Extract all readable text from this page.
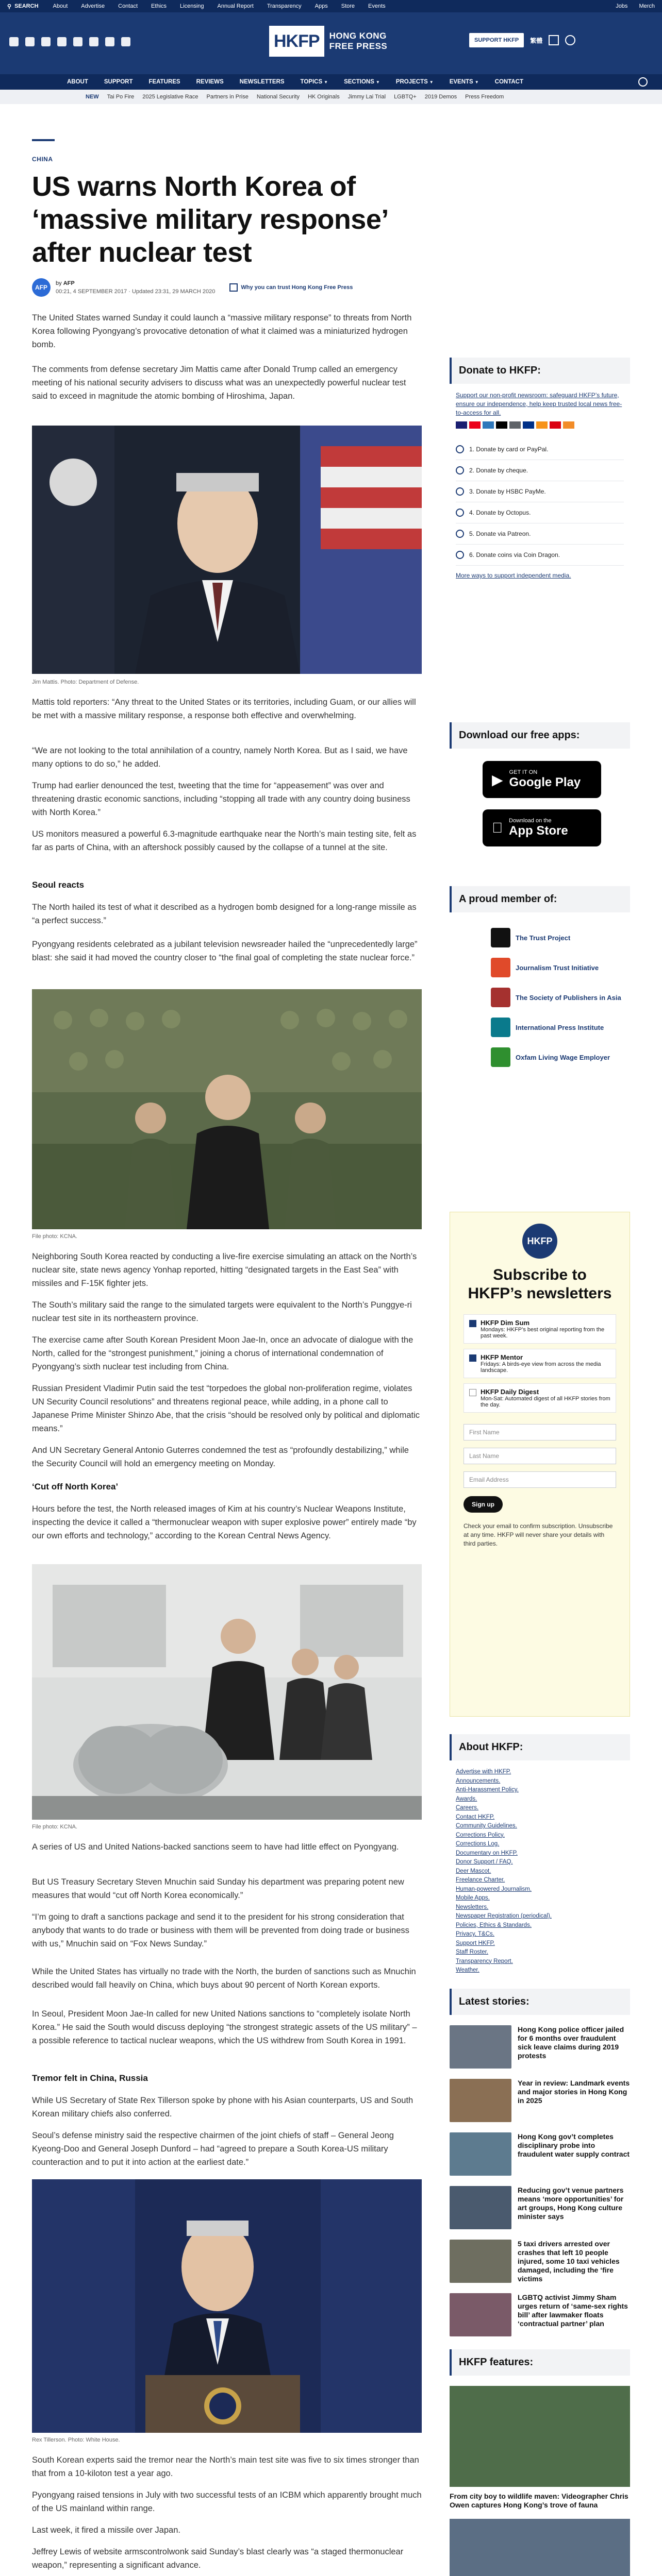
⚲ SEARCH	About Advertise Contact Ethics Licensing Annual Report Transparency Apps Store Events	Jobs Merch
HKFP	HONG KONG
FREE PRESS
SUPPORT HKFP	繁體
ABOUT	SUPPORT	FEATURES	REVIEWS	NEWSLETTERS	TOPICS ▼	SECTIONS ▼	PROJECTS ▼	EVENTS ▼	CONTACT
NEW Tai Po Fire 2025 Legislative Race Partners in Prise National Security HK Originals Jimmy Lai Trial LGBTQ+ 2019 Demos Press Freedom
CHINA
US warns North Korea of ‘massive military response’ after nuclear test
AFP
by AFP
00:21, 4 SEPTEMBER 2017 · Updated 23:31, 29 MARCH 2020
Why you can trust Hong Kong Free Press

The United States warned Sunday it could launch a “massive military response” to threats from North Korea following Pyongyang’s provocative detonation of what it claimed was a miniaturized hydrogen bomb.

The comments from defense secretary Jim Mattis came after Donald Trump called an emergency meeting of his national security advisers to discuss what was an unexpectedly powerful nuclear test said to exceed in magnitude the atomic bombing of Hiroshima, Japan.

Jim Mattis. Photo: Department of Defense.

Mattis told reporters: “Any threat to the United States or its territories, including Guam, or our allies will be met with a massive military response, a response both effective and overwhelming.

“We are not looking to the total annihilation of a country, namely North Korea. But as I said, we have many options to do so,” he added.

Trump had earlier denounced the test, tweeting that the time for “appeasement” was over and threatening drastic economic sanctions, including “stopping all trade with any country doing business with North Korea.”

US monitors measured a powerful 6.3-magnitude earthquake near the North’s main testing site, felt as far as parts of China, with an aftershock possibly caused by the collapse of a tunnel at the site.

Seoul reacts

The North hailed its test of what it described as a hydrogen bomb designed for a long-range missile as “a perfect success.”

Pyongyang residents celebrated as a jubilant television newsreader hailed the “unprecedentedly large” blast: she said it had moved the country closer to “the final goal of completing the state nuclear force.”

File photo: KCNA.

Neighboring South Korea reacted by conducting a live-fire exercise simulating an attack on the North’s nuclear site, state news agency Yonhap reported, hitting “designated targets in the East Sea” with missiles and F-15K fighter jets.

The South’s military said the range to the simulated targets were equivalent to the North’s Punggye-ri nuclear test site in its northeastern province.

The exercise came after South Korean President Moon Jae-In, once an advocate of dialogue with the North, called for the “strongest punishment,” joining a chorus of international condemnation of Pyongyang’s sixth nuclear test including from China.

Russian President Vladimir Putin said the test “torpedoes the global non-proliferation regime, violates UN Security Council resolutions” and threatens regional peace, while adding, in a phone call to Japanese Prime Minister Shinzo Abe, that the crisis “should be resolved only by political and diplomatic means.”

And UN Secretary General Antonio Guterres condemned the test as “profoundly destabilizing,” while the Security Council will hold an emergency meeting on Monday.

‘Cut off North Korea’

Hours before the test, the North released images of Kim at his country’s Nuclear Weapons Institute, inspecting the device it called a “thermonuclear weapon with super explosive power” entirely made “by our own efforts and technology,” according to the Korean Central News Agency.

File photo: KCNA.

A series of US and United Nations-backed sanctions seem to have had little effect on Pyongyang.

But US Treasury Secretary Steven Mnuchin said Sunday his department was preparing potent new measures that would “cut off North Korea economically.”

“I’m going to draft a sanctions package and send it to the president for his strong consideration that anybody that wants to do trade or business with them will be prevented from doing trade or business with us,” Mnuchin said on “Fox News Sunday.”

While the United States has virtually no trade with the North, the burden of sanctions such as Mnuchin described would fall heavily on China, which buys about 90 percent of North Korean exports.

In Seoul, President Moon Jae-In called for new United Nations sanctions to “completely isolate North Korea.” He said the South would discuss deploying “the strongest strategic assets of the US military” – a possible reference to tactical nuclear weapons, which the US withdrew from South Korea in 1991.

Tremor felt in China, Russia

While US Secretary of State Rex Tillerson spoke by phone with his Asian counterparts, US and South Korean military chiefs also conferred.

Seoul’s defense ministry said the respective chairmen of the joint chiefs of staff – General Jeong Kyeong-Doo and General Joseph Dunford – had “agreed to prepare a South Korea-US military counteraction and to put it into action at the earliest date.”

Rex Tillerson. Photo: White House.

South Korean experts said the tremor near the North’s main test site was five to six times stronger than that from a 10-kiloton test a year ago.

Pyongyang raised tensions in July with two successful tests of an ICBM which apparently brought much of the US mainland within range.

Last week, it fired a missile over Japan.

Jeffrey Lewis of website armscontrolwonk said Sunday’s blast clearly was “a staged thermonuclear weapon,” representing a significant advance.

Donate to HKFP:
Support our non-profit newsroom: safeguard HKFP’s future, ensure our independence, help keep trusted local news free-to-access for all.
1. Donate by card or PayPal.
2. Donate by cheque.
3. Donate by HSBC PayMe.
4. Donate by Octopus.
5. Donate via Patreon.
6. Donate coins via Coin Dragon.
More ways to support independent media.
Download our free apps:
▶ GET IT ON
Google Play
Download on the
App Store
A proud member of:
The Trust Project
Journalism Trust Initiative
The Society of Publishers in Asia
International Press Institute
Oxfam Living Wage Employer
HKFP
Subscribe to HKFP’s newsletters
HKFP Dim Sum
Mondays: HKFP’s best original reporting from the past week.
HKFP Mentor
Fridays: A birds-eye view from across the media landscape.
HKFP Daily Digest
Mon-Sat: Automated digest of all HKFP stories from the day.
First Name
Last Name
Email Address
Sign up
Check your email to confirm subscription. Unsubscribe at any time. HKFP will never share your details with third parties.
About HKFP:
Advertise with HKFP.
Announcements.
Anti-Harassment Policy.
Awards.
Careers.
Contact HKFP.
Community Guidelines.
Corrections Policy.
Corrections Log.
Documentary on HKFP.
Donor Support / FAQ.
Deer Mascot.
Freelance Charter.
Human-powered Journalism.
Mobile Apps.
Newsletters.
Newspaper Registration (periodical).
Policies, Ethics & Standards.
Privacy, T&Cs.
Support HKFP.
Staff Roster.
Transparency Report.
Weather.
Latest stories:
Hong Kong police officer jailed for 6 months over fraudulent sick leave claims during 2019 protests
Year in review: Landmark events and major stories in Hong Kong in 2025
Hong Kong gov’t completes disciplinary probe into fraudulent water supply contract
Reducing gov’t venue partners means ‘more opportunities’ for art groups, Hong Kong culture minister says
5 taxi drivers arrested over crashes that left 10 people injured, some 10 taxi vehicles damaged, including the ‘fire victims
LGBTQ activist Jimmy Sham urges return of ‘same-sex rights bill’ after lawmaker floats ‘contractual partner’ plan
HKFP features:
From city boy to wildlife maven: Videographer Chris Owen captures Hong Kong’s trove of fauna
